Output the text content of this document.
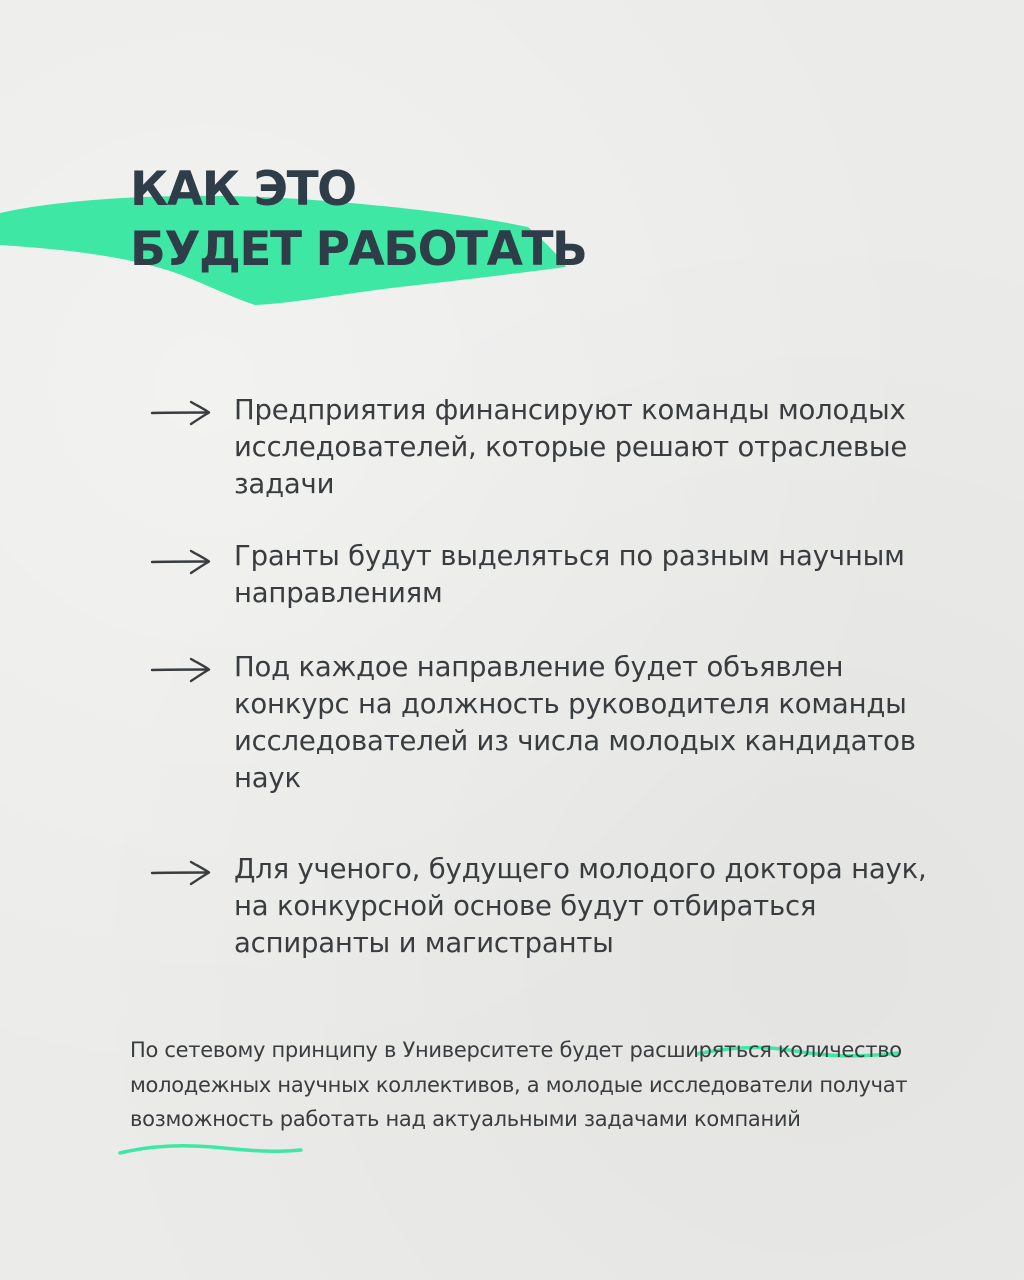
КАК ЭТО
БУДЕТ РАБОТАТЬ

Предприятия финансируют команды молодых исследователей, которые решают отраслевые задачи

Гранты будут выделяться по разным научным направлениям

Под каждое направление будет объявлен конкурс на должность руководителя команды исследователей из числа молодых кандидатов наук

Для ученого, будущего молодого доктора наук, на конкурсной основе будут отбираться аспиранты и магистранты

По сетевому принципу в Университете будет расширяться количество молодежных научных коллективов, а молодые исследователи получат возможность работать над актуальными задачами компаний
